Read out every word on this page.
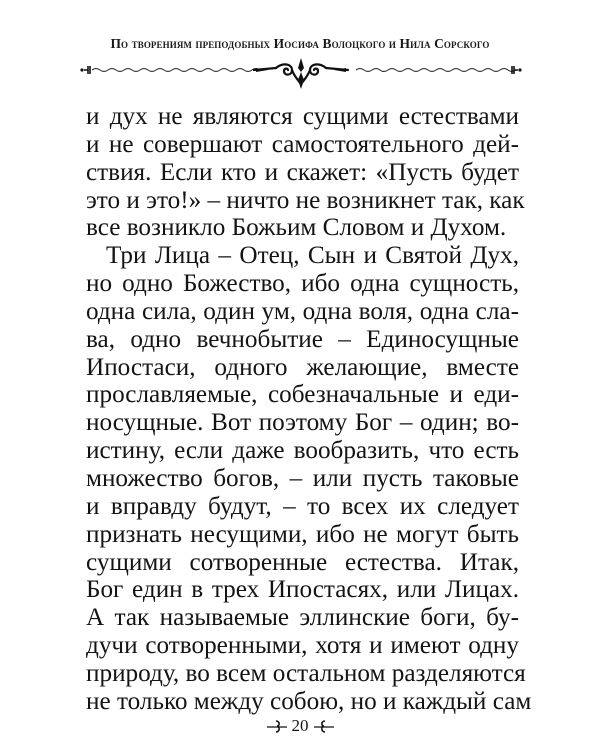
По творениям преподобных Иосифа Волоцкого и Нила Сорского
и дух не являются сущими естествами
и не совершают самостоятельного дей-
ствия. Если кто и скажет: «Пусть будет
это и это!» – ничто не возникнет так, как
все возникло Божьим Словом и Духом.
Три Лица – Отец, Сын и Святой Дух,
но одно Божество, ибо одна сущность,
одна сила, один ум, одна воля, одна сла-
ва, одно вечнобытие – Единосущные
Ипостаси, одного желающие, вместе
прославляемые, собезначальные и еди-
носущные. Вот поэтому Бог – один; во-
истину, если даже вообразить, что есть
множество богов, – или пусть таковые
и вправду будут, – то всех их следует
признать несущими, ибо не могут быть
сущими сотворенные естества. Итак,
Бог един в трех Ипостасях, или Лицах.
А так называемые эллинские боги, бу-
дучи сотворенными, хотя и имеют одну
природу, во всем остальном разделяются
не только между собою, но и каждый сам
20
